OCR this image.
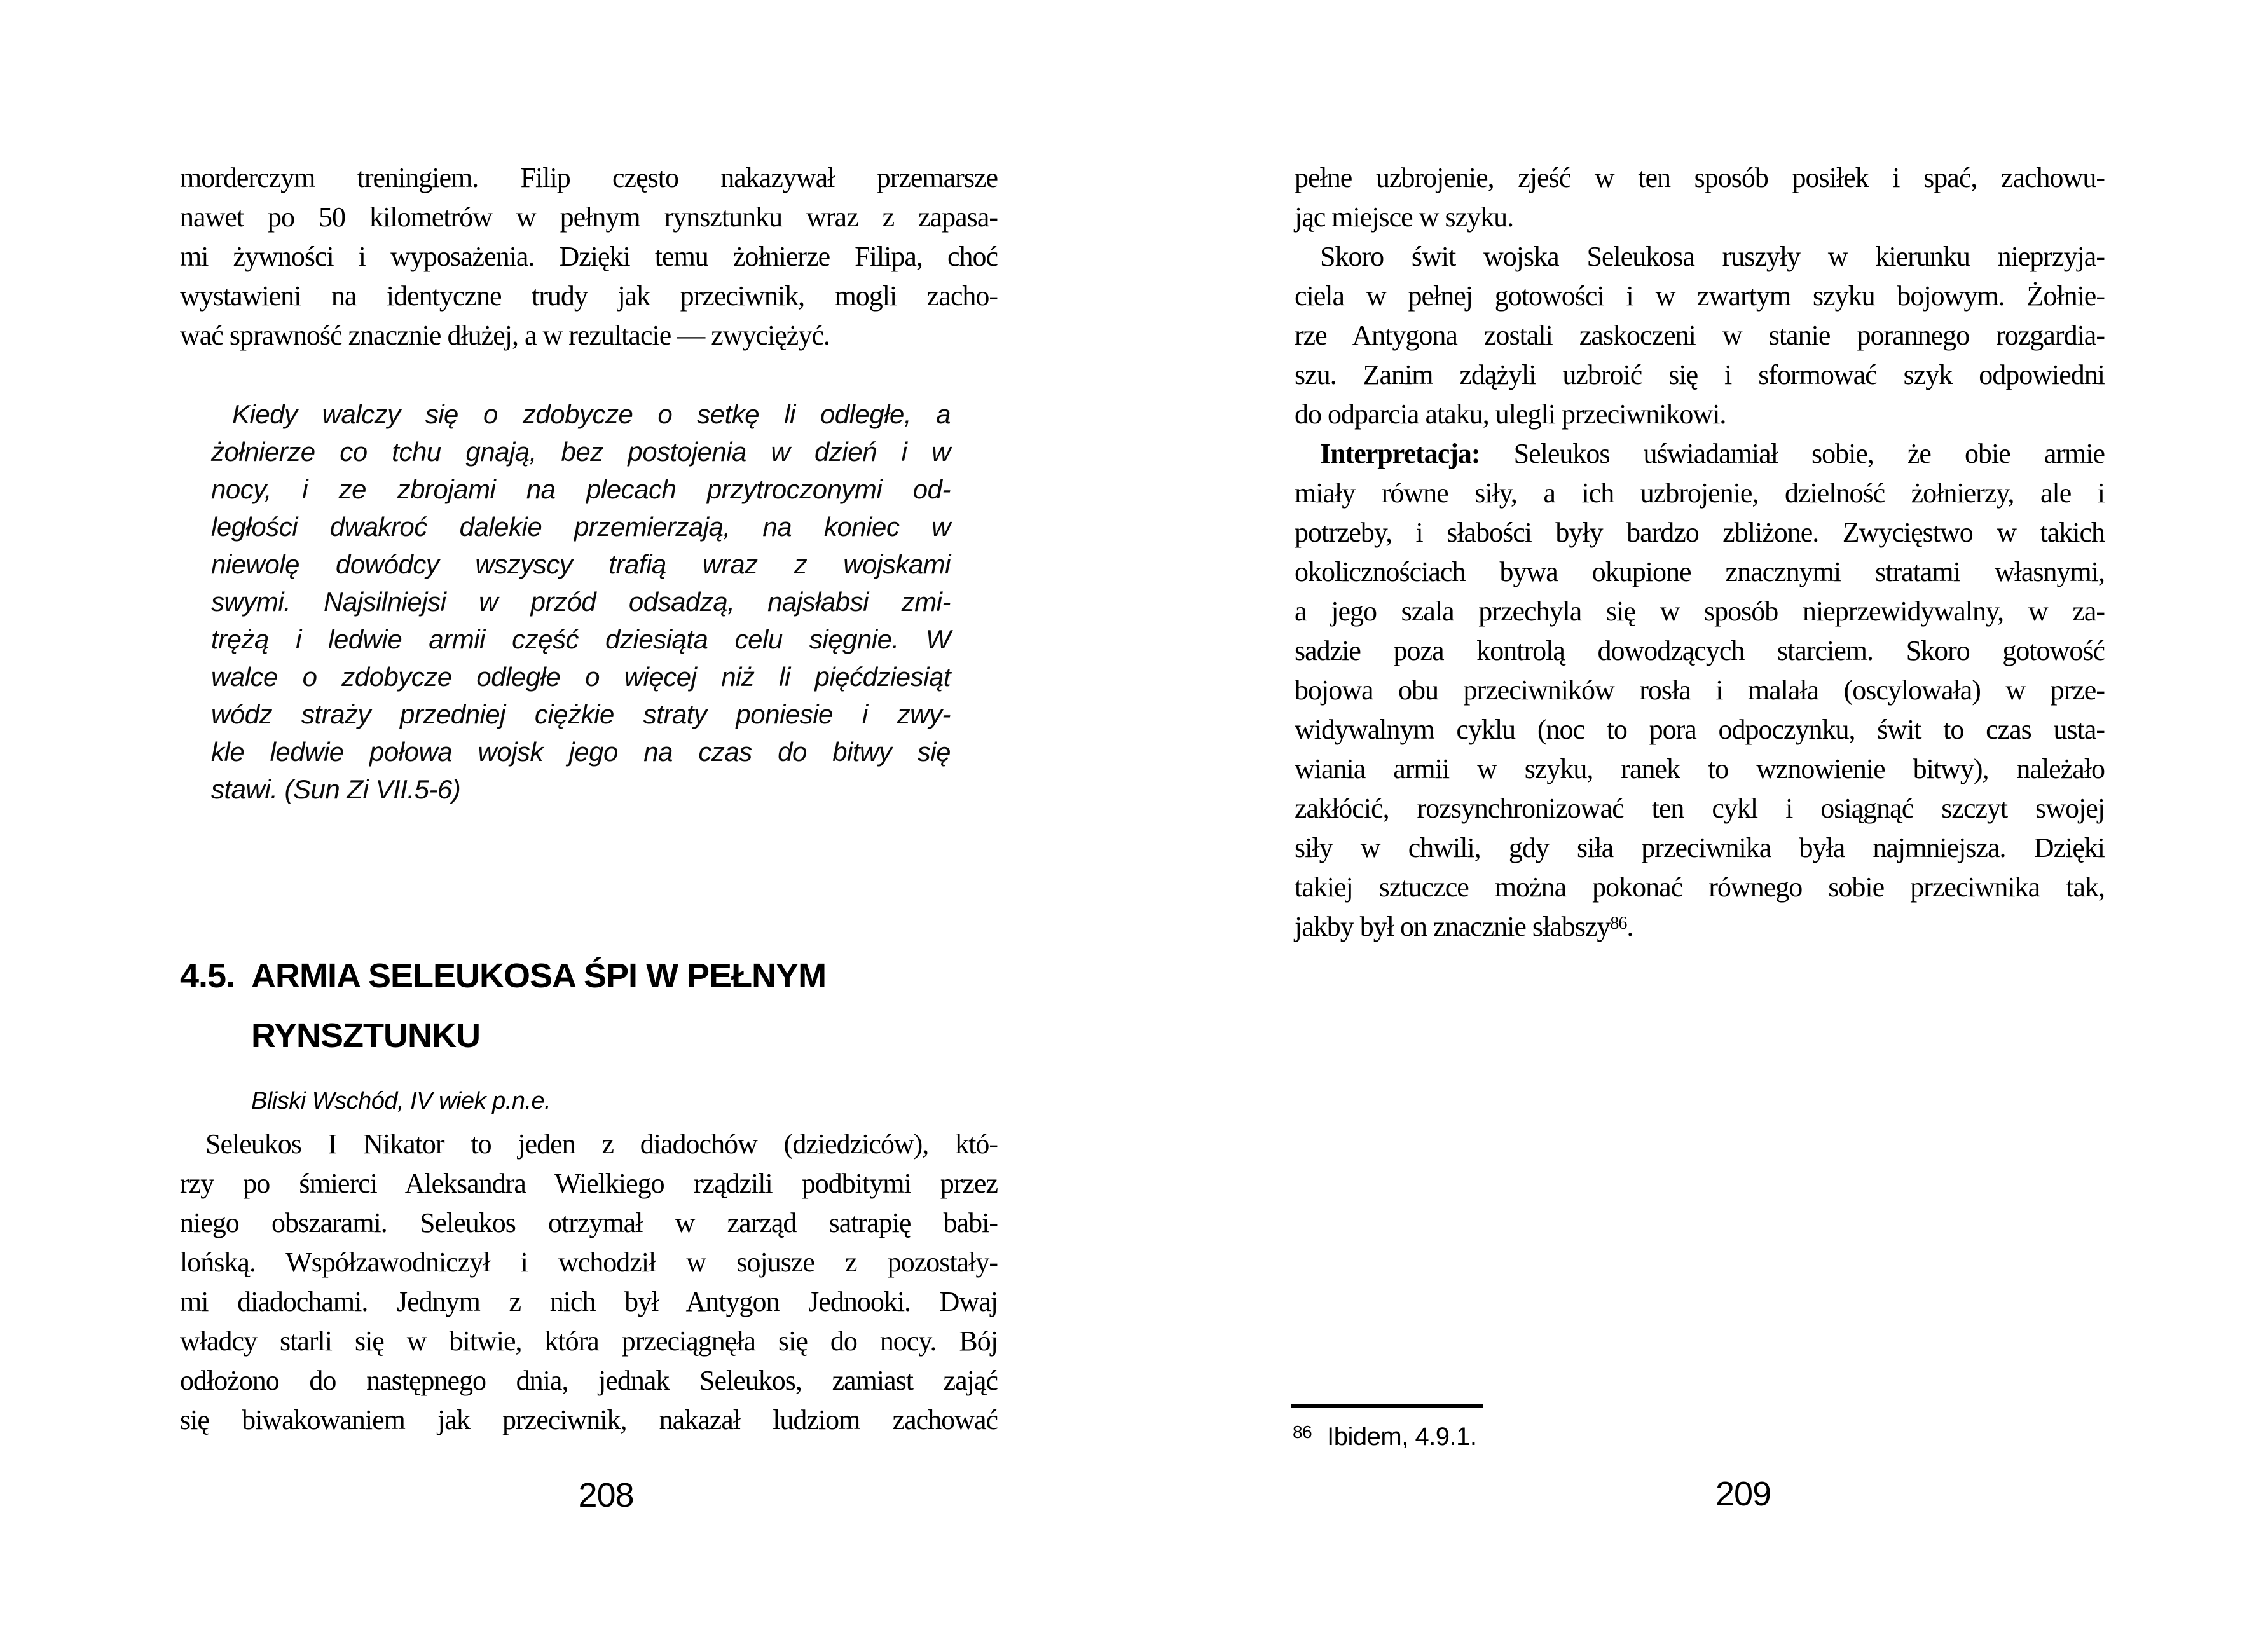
morderczym treningiem. Filip często nakazywał przemarsze
nawet po 50 kilometrów w pełnym rynsztunku wraz z zapasa-
mi żywności i wyposażenia. Dzięki temu żołnierze Filipa, choć
wystawieni na identyczne trudy jak przeciwnik, mogli zacho-
wać sprawność znacznie dłużej, a w rezultacie — zwyciężyć.
Kiedy walczy się o zdobycze o setkę li odległe, a
żołnierze co tchu gnają, bez postojenia w dzień i w
nocy, i ze zbrojami na plecach przytroczonymi od-
ległości dwakroć dalekie przemierzają, na koniec w
niewolę dowódcy wszyscy trafią wraz z wojskami
swymi. Najsilniejsi w przód odsadzą, najsłabsi zmi-
trężą i ledwie armii część dziesiąta celu sięgnie. W
walce o zdobycze odległe o więcej niż li pięćdziesiąt
wódz straży przedniej ciężkie straty poniesie i zwy-
kle ledwie połowa wojsk jego na czas do bitwy się
stawi. (Sun Zi VII.5-6)
4.5. ARMIA SELEUKOSA ŚPI W PEŁNYM
RYNSZTUNKU
Bliski Wschód, IV wiek p.n.e.
Seleukos I Nikator to jeden z diadochów (dziedziców), któ-
rzy po śmierci Aleksandra Wielkiego rządzili podbitymi przez
niego obszarami. Seleukos otrzymał w zarząd satrapię babi-
lońską. Współzawodniczył i wchodził w sojusze z pozostały-
mi diadochami. Jednym z nich był Antygon Jednooki. Dwaj
władcy starli się w bitwie, która przeciągnęła się do nocy. Bój
odłożono do następnego dnia, jednak Seleukos, zamiast zająć
się biwakowaniem jak przeciwnik, nakazał ludziom zachować
208
pełne uzbrojenie, zjeść w ten sposób posiłek i spać, zachowu-
jąc miejsce w szyku.
Skoro świt wojska Seleukosa ruszyły w kierunku nieprzyja-
ciela w pełnej gotowości i w zwartym szyku bojowym. Żołnie-
rze Antygona zostali zaskoczeni w stanie porannego rozgardia-
szu. Zanim zdążyli uzbroić się i sformować szyk odpowiedni
do odparcia ataku, ulegli przeciwnikowi.
Interpretacja: Seleukos uświadamiał sobie, że obie armie
miały równe siły, a ich uzbrojenie, dzielność żołnierzy, ale i
potrzeby, i słabości były bardzo zbliżone. Zwycięstwo w takich
okolicznościach bywa okupione znacznymi stratami własnymi,
a jego szala przechyla się w sposób nieprzewidywalny, w za-
sadzie poza kontrolą dowodzących starciem. Skoro gotowość
bojowa obu przeciwników rosła i malała (oscylowała) w prze-
widywalnym cyklu (noc to pora odpoczynku, świt to czas usta-
wiania armii w szyku, ranek to wznowienie bitwy), należało
zakłócić, rozsynchronizować ten cykl i osiągnąć szczyt swojej
siły w chwili, gdy siła przeciwnika była najmniejsza. Dzięki
takiej sztuczce można pokonać równego sobie przeciwnika tak,
jakby był on znacznie słabszy$^{86}$.
$^{86}$ Ibidem, 4.9.1.
209
